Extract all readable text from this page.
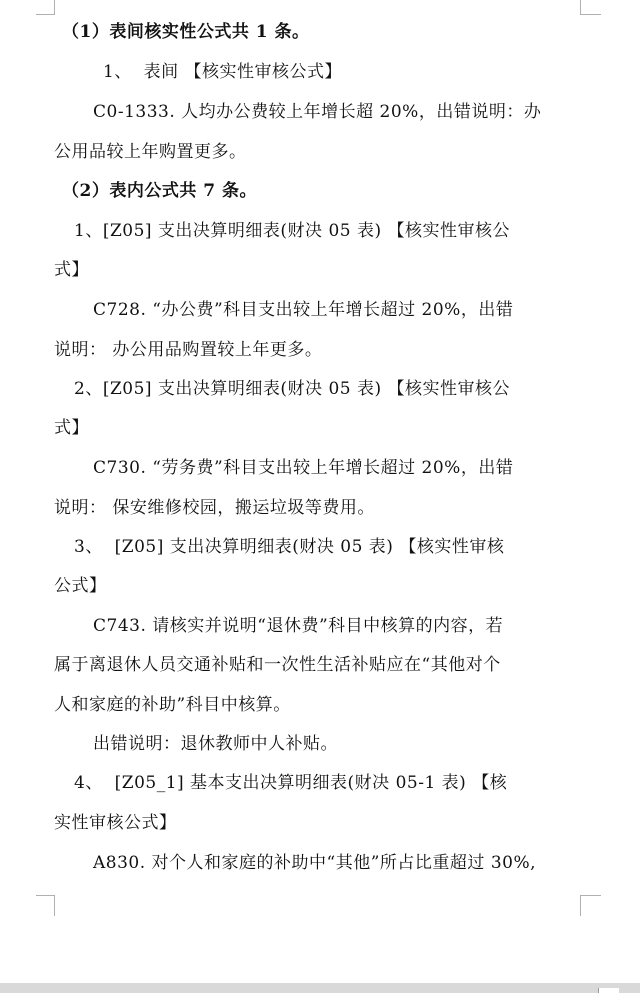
（1）表间核实性公式共 1 条。
1、  表间 【核实性审核公式】
C0-1333. 人均办公费较上年增长超 20%，出错说明：办
公用品较上年购置更多。
（2）表内公式共 7 条。
1、[Z05] 支出决算明细表(财决 05 表) 【核实性审核公
式】
C728. “办公费”科目支出较上年增长超过 20%，出错
说明： 办公用品购置较上年更多。
2、[Z05] 支出决算明细表(财决 05 表) 【核实性审核公
式】
C730. “劳务费”科目支出较上年增长超过 20%，出错
说明： 保安维修校园，搬运垃圾等费用。
3、  [Z05] 支出决算明细表(财决 05 表) 【核实性审核
公式】
C743. 请核实并说明“退休费”科目中核算的内容，若
属于离退休人员交通补贴和一次性生活补贴应在“其他对个
人和家庭的补助”科目中核算。
出错说明：退休教师中人补贴。
4、  [Z05_1] 基本支出决算明细表(财决 05-1 表) 【核
实性审核公式】
A830. 对个人和家庭的补助中“其他”所占比重超过 30%,
